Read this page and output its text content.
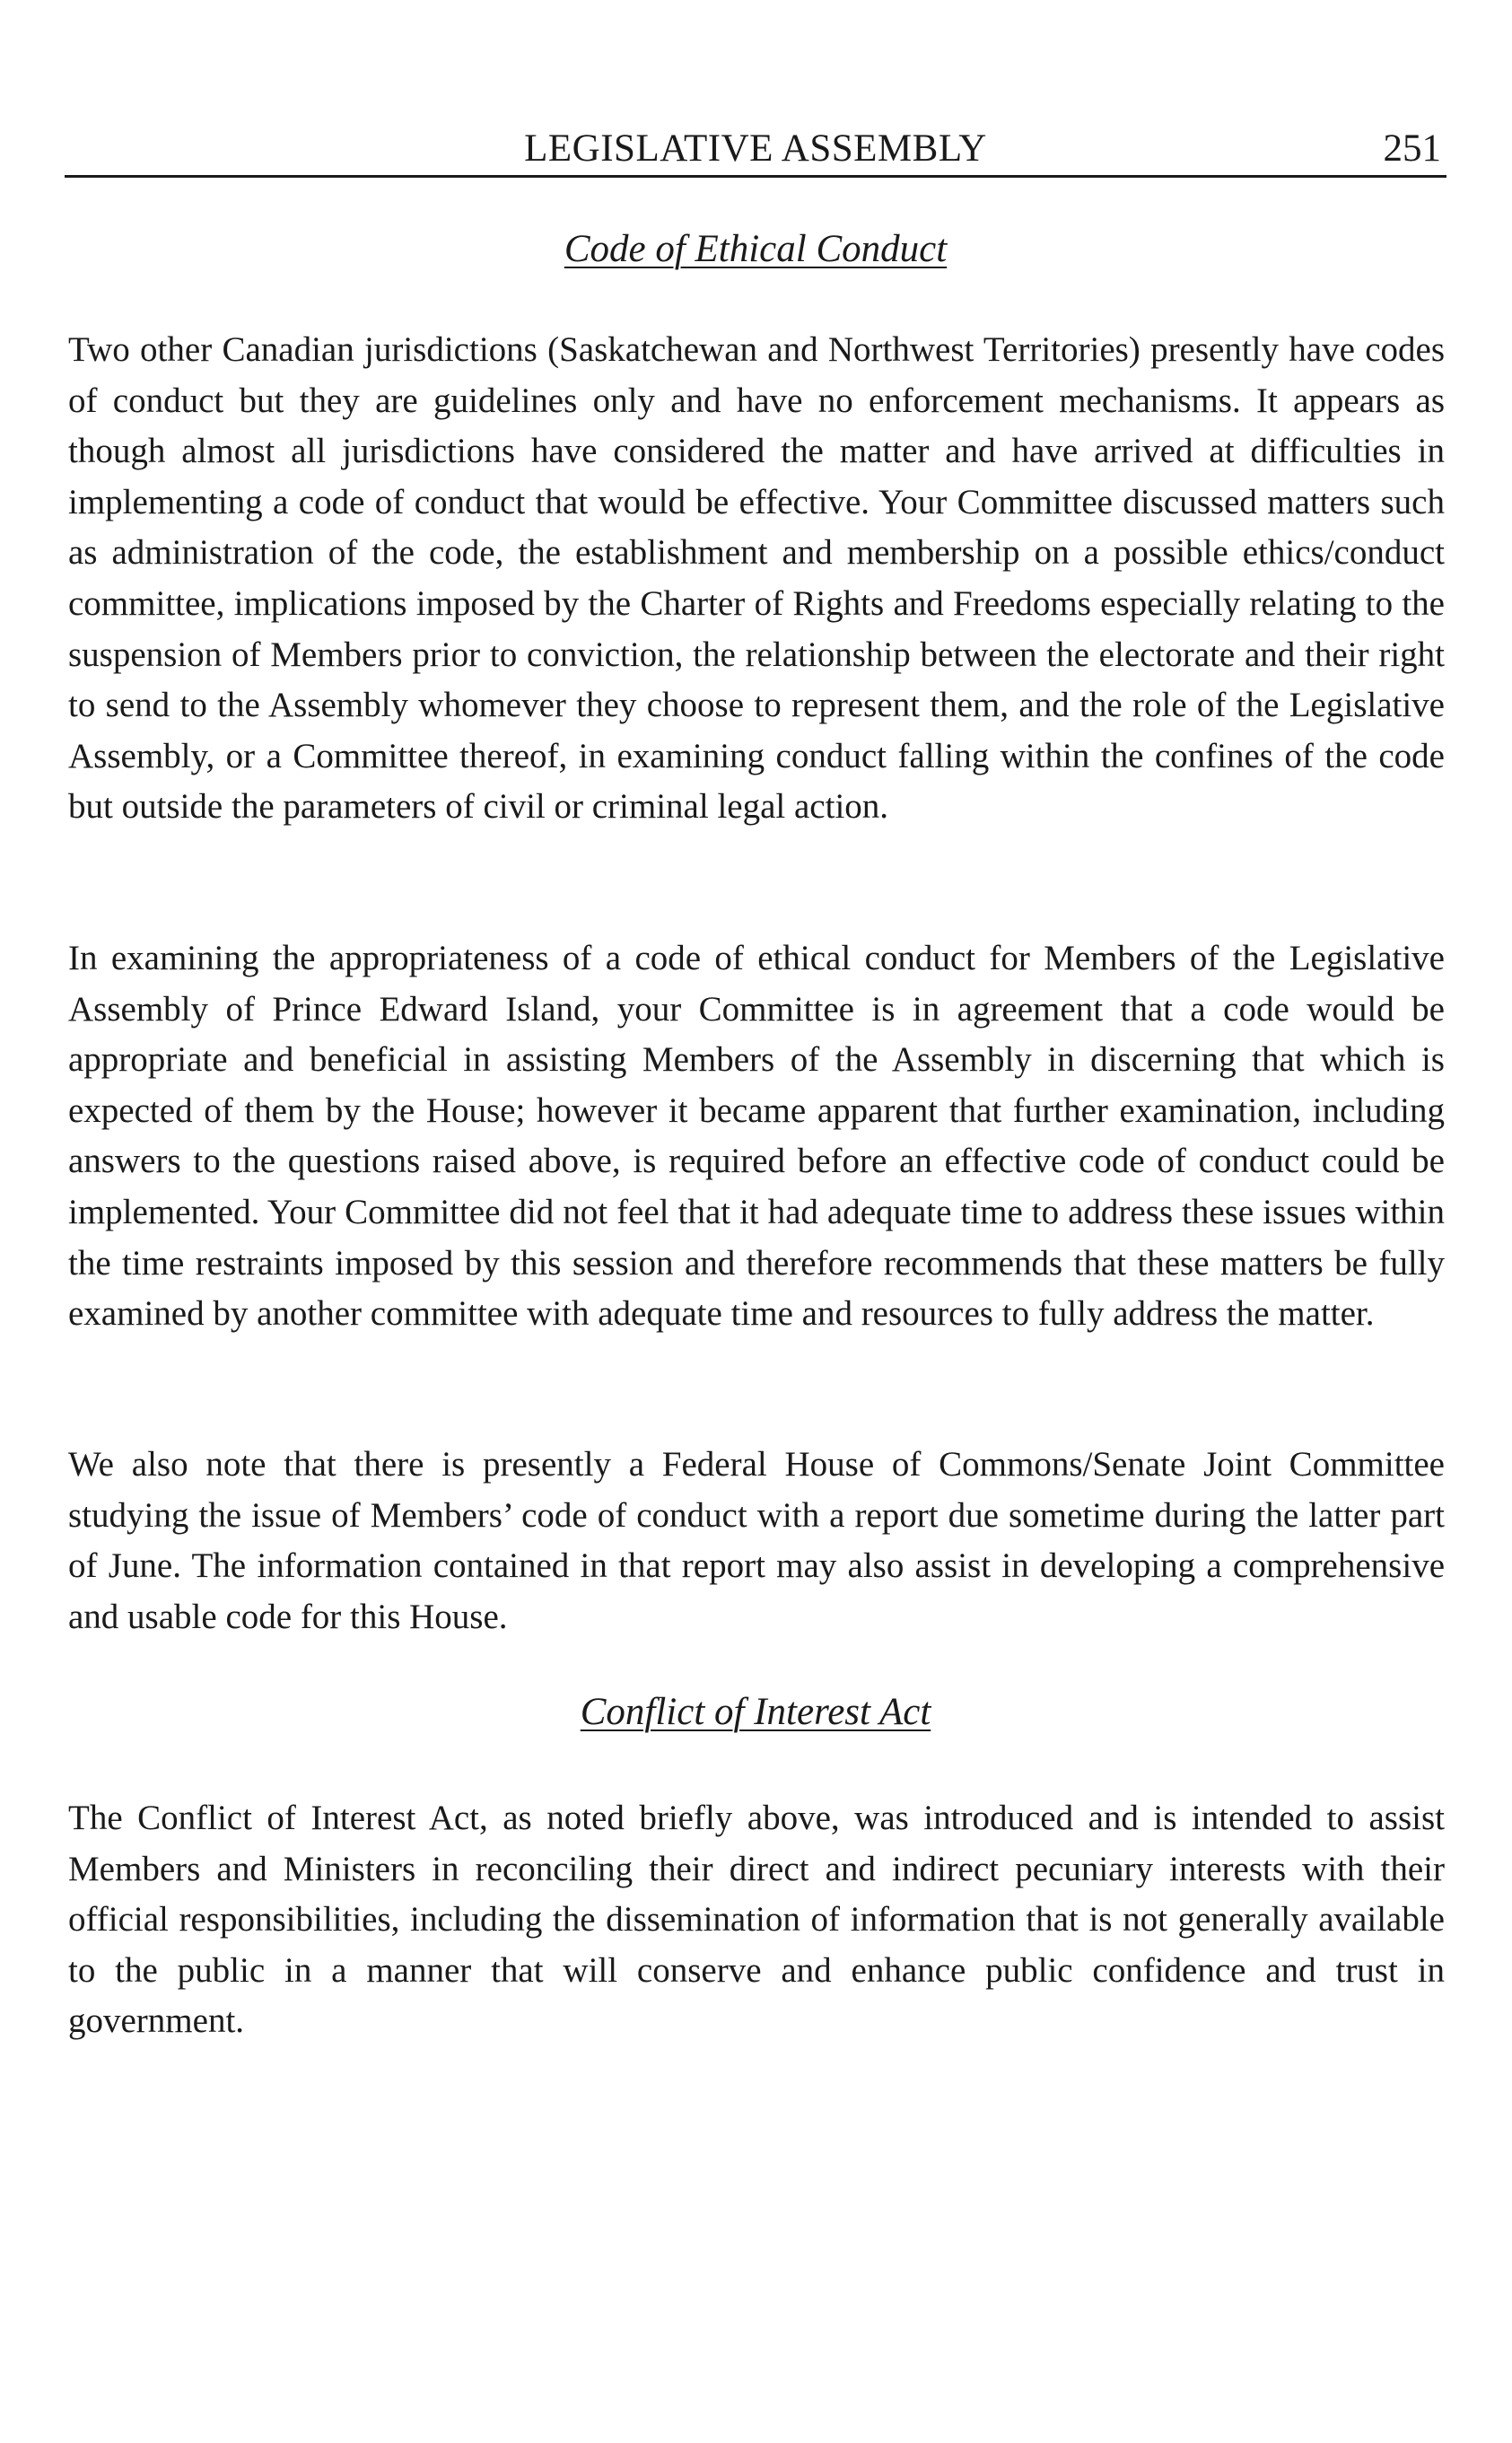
LEGISLATIVE ASSEMBLY	251
Code of Ethical Conduct

Two other Canadian jurisdictions (Saskatchewan and Northwest Territories) presently have codes of conduct but they are guidelines only and have no enforcement mechanisms. It appears as though almost all jurisdictions have considered the matter and have arrived at difficulties in implementing a code of conduct that would be effective. Your Committee discussed matters such as administration of the code, the establishment and membership on a possible ethics/conduct committee, implications imposed by the Charter of Rights and Freedoms especially relating to the suspension of Members prior to conviction, the relationship between the electorate and their right to send to the Assembly whomever they choose to represent them, and the role of the Legislative Assembly, or a Committee thereof, in examining conduct falling within the confines of the code but outside the parameters of civil or criminal legal action.

In examining the appropriateness of a code of ethical conduct for Members of the Legislative Assembly of Prince Edward Island, your Committee is in agreement that a code would be appropriate and beneficial in assisting Members of the Assembly in discerning that which is expected of them by the House; however it became apparent that further examination, including answers to the questions raised above, is required before an effective code of conduct could be implemented. Your Committee did not feel that it had adequate time to address these issues within the time restraints imposed by this session and therefore recommends that these matters be fully examined by another committee with adequate time and resources to fully address the matter.

We also note that there is presently a Federal House of Commons/Senate Joint Committee studying the issue of Members’ code of conduct with a report due sometime during the latter part of June. The information contained in that report may also assist in developing a comprehensive and usable code for this House.

Conflict of Interest Act

The Conflict of Interest Act, as noted briefly above, was introduced and is intended to assist Members and Ministers in reconciling their direct and indirect pecuniary interests with their official responsibilities, including the dissemination of information that is not generally available to the public in a manner that will conserve and enhance public confidence and trust in government.
